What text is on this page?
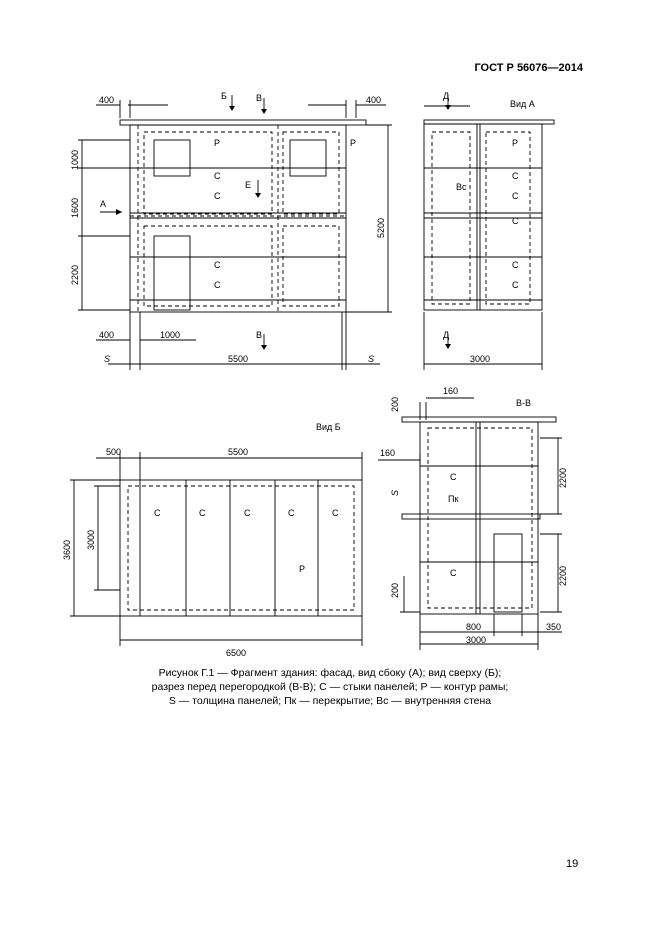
ГОСТ Р 56076—2014
400	400
Б	В
В
А
Е
1000
1600
2200
5200
400	1000
5500
S	S
Р	Р
С
С
С
С
Вид А
Д
Д
3000
Р
Вс
С
С
С
С
С
Вид Б
500	5500
3600 3000
6500
С	С	С	С	С
Р
В-В
200
160
160
S
Пк
С
С
2200
2200
200
800	350
3000
Рисунок Г.1 — Фрагмент здания: фасад, вид сбоку (А); вид сверху (Б);
разрез перед перегородкой (В-В); С — стыки панелей; Р — контур рамы;
S — толщина панелей; Пк — перекрытие; Вс — внутренняя стена
19
